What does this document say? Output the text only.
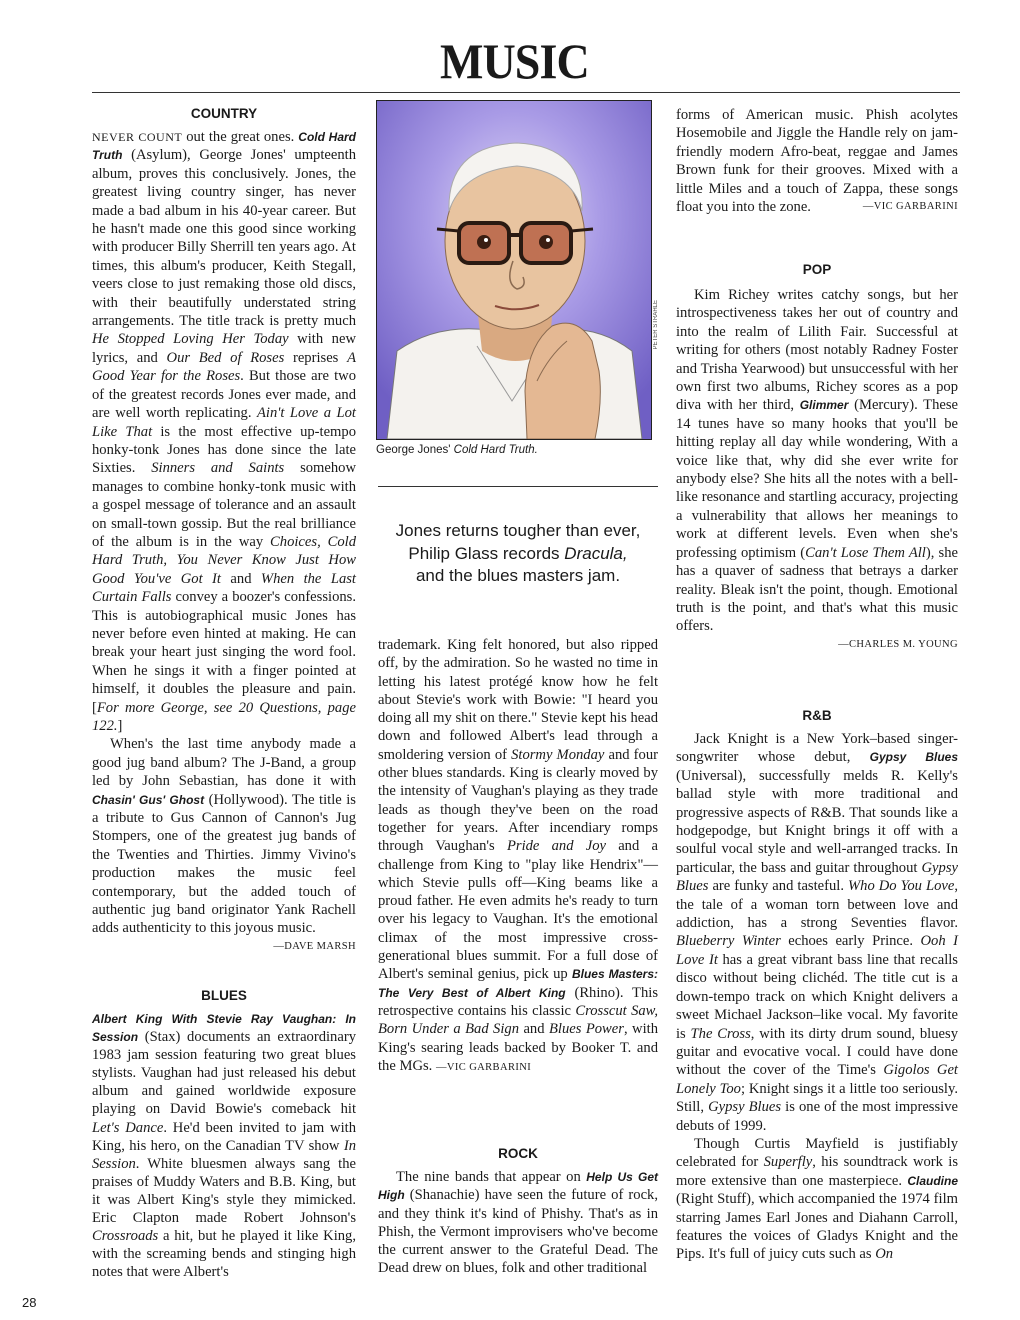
MUSIC
COUNTRY

NEVER COUNT out the great ones. Cold Hard Truth (Asylum), George Jones' umpteenth album, proves this conclusively. Jones, the greatest living country singer, has never made a bad album in his 40-year career. But he hasn't made one this good since working with producer Billy Sherrill ten years ago. At times, this album's producer, Keith Stegall, veers close to just remaking those old discs, with their beautifully understated string arrangements. The title track is pretty much He Stopped Loving Her Today with new lyrics, and Our Bed of Roses reprises A Good Year for the Roses. But those are two of the greatest records Jones ever made, and are well worth replicating. Ain't Love a Lot Like That is the most effective up-tempo honky-tonk Jones has done since the late Sixties. Sinners and Saints somehow manages to combine honky-tonk music with a gospel message of tolerance and an assault on small-town gossip. But the real brilliance of the album is in the way Choices, Cold Hard Truth, You Never Know Just How Good You've Got It and When the Last Curtain Falls convey a boozer's confessions. This is autobiographical music Jones has never before even hinted at making. He can break your heart just singing the word fool. When he sings it with a finger pointed at himself, it doubles the pleasure and pain. [For more George, see 20 Questions, page 122.]

When's the last time anybody made a good jug band album? The J-Band, a group led by John Sebastian, has done it with Chasin' Gus' Ghost (Hollywood). The title is a tribute to Gus Cannon of Cannon's Jug Stompers, one of the greatest jug bands of the Twenties and Thirties. Jimmy Vivino's production makes the music feel contemporary, but the added touch of authentic jug band originator Yank Rachell adds authenticity to this joyous music.
—DAVE MARSH

BLUES

Albert King With Stevie Ray Vaughan: In Session (Stax) documents an extraordinary 1983 jam session featuring two great blues stylists. Vaughan had just released his debut album and gained worldwide exposure playing on David Bowie's comeback hit Let's Dance. He'd been invited to jam with King, his hero, on the Canadian TV show In Session. White bluesmen always sang the praises of Muddy Waters and B.B. King, but it was Albert King's style they mimicked. Eric Clapton made Robert Johnson's Crossroads a hit, but he played it like King, with the screaming bends and stinging high notes that were Albert's

28
PETER STRAHLE
George Jones' Cold Hard Truth.

Jones returns tougher than ever,

Philip Glass records Dracula,

and the blues masters jam.

trademark. King felt honored, but also ripped off, by the admiration. So he wasted no time in letting his latest protégé know how he felt about Stevie's work with Bowie: "I heard you doing all my shit on there." Stevie kept his head down and followed Albert's lead through a smoldering version of Stormy Monday and four other blues standards. King is clearly moved by the intensity of Vaughan's playing as they trade leads as though they've been on the road together for years. After incendiary romps through Vaughan's Pride and Joy and a challenge from King to "play like Hendrix"—which Stevie pulls off—King beams like a proud father. He even admits he's ready to turn over his legacy to Vaughan. It's the emotional climax of the most impressive cross-generational blues summit. For a full dose of Albert's seminal genius, pick up Blues Masters: The Very Best of Albert King (Rhino). This retrospective contains his classic Crosscut Saw, Born Under a Bad Sign and Blues Power, with King's searing leads backed by Booker T. and the MGs. —VIC GARBARINI

ROCK

The nine bands that appear on Help Us Get High (Shanachie) have seen the future of rock, and they think it's kind of Phishy. That's as in Phish, the Vermont improvisers who've become the current answer to the Grateful Dead. The Dead drew on blues, folk and other traditional

forms of American music. Phish acolytes Hosemobile and Jiggle the Handle rely on jam-friendly modern Afro-beat, reggae and James Brown funk for their grooves. Mixed with a little Miles and a touch of Zappa, these songs float you into the zone.	—VIC GARBARINI

POP

Kim Richey writes catchy songs, but her introspectiveness takes her out of country and into the realm of Lilith Fair. Successful at writing for others (most notably Radney Foster and Trisha Yearwood) but unsuccessful with her own first two albums, Richey scores as a pop diva with her third, Glimmer (Mercury). These 14 tunes have so many hooks that you'll be hitting replay all day while wondering, With a voice like that, why did she ever write for anybody else? She hits all the notes with a bell-like resonance and startling accuracy, projecting a vulnerability that allows her meanings to work at different levels. Even when she's professing optimism (Can't Lose Them All), she has a quaver of sadness that betrays a darker reality. Bleak isn't the point, though. Emotional truth is the point, and that's what this music offers.

—CHARLES M. YOUNG

R&B

Jack Knight is a New York–based singer-songwriter whose debut, Gypsy Blues (Universal), successfully melds R. Kelly's ballad style with more traditional and progressive aspects of R&B. That sounds like a hodgepodge, but Knight brings it off with a soulful vocal style and well-arranged tracks. In particular, the bass and guitar throughout Gypsy Blues are funky and tasteful. Who Do You Love, the tale of a woman torn between love and addiction, has a strong Seventies flavor. Blueberry Winter echoes early Prince. Ooh I Love It has a great vibrant bass line that recalls disco without being clichéd. The title cut is a down-tempo track on which Knight delivers a sweet Michael Jackson–like vocal. My favorite is The Cross, with its dirty drum sound, bluesy guitar and evocative vocal. I could have done without the cover of the Time's Gigolos Get Lonely Too; Knight sings it a little too seriously. Still, Gypsy Blues is one of the most impressive debuts of 1999.

Though Curtis Mayfield is justifiably celebrated for Superfly, his soundtrack work is more extensive than one masterpiece. Claudine (Right Stuff), which accompanied the 1974 film starring James Earl Jones and Diahann Carroll, features the voices of Gladys Knight and the Pips. It's full of juicy cuts such as On
